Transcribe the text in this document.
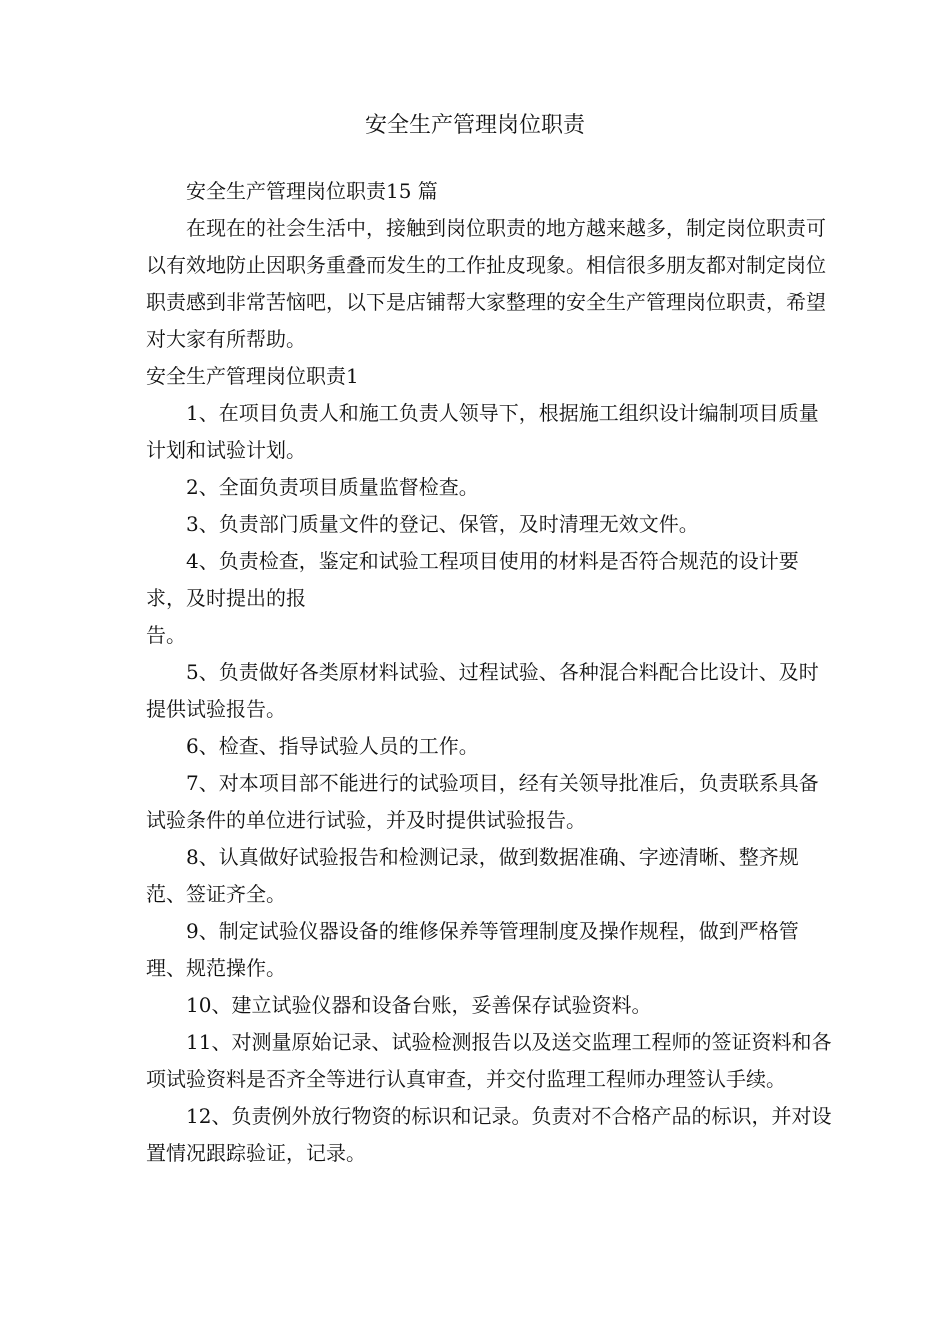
安全生产管理岗位职责

安全生产管理岗位职责15 篇

在现在的社会生活中，接触到岗位职责的地方越来越多，制定岗位职责可以有效地防止因职务重叠而发生的工作扯皮现象。相信很多朋友都对制定岗位职责感到非常苦恼吧，以下是店铺帮大家整理的安全生产管理岗位职责，希望对大家有所帮助。

安全生产管理岗位职责1

1、在项目负责人和施工负责人领导下，根据施工组织设计编制项目质量计划和试验计划。

2、全面负责项目质量监督检查。

3、负责部门质量文件的登记、保管，及时清理无效文件。

4、负责检查，鉴定和试验工程项目使用的材料是否符合规范的设计要求，及时提出的报

告。

5、负责做好各类原材料试验、过程试验、各种混合料配合比设计、及时提供试验报告。

6、检查、指导试验人员的工作。

7、对本项目部不能进行的试验项目，经有关领导批准后，负责联系具备试验条件的单位进行试验，并及时提供试验报告。

8、认真做好试验报告和检测记录，做到数据准确、字迹清晰、整齐规范、签证齐全。

9、制定试验仪器设备的维修保养等管理制度及操作规程，做到严格管理、规范操作。

10、建立试验仪器和设备台账，妥善保存试验资料。

11、对测量原始记录、试验检测报告以及送交监理工程师的签证资料和各项试验资料是否齐全等进行认真审查，并交付监理工程师办理签认手续。

12、负责例外放行物资的标识和记录。负责对不合格产品的标识，并对设置情况跟踪验证，记录。
